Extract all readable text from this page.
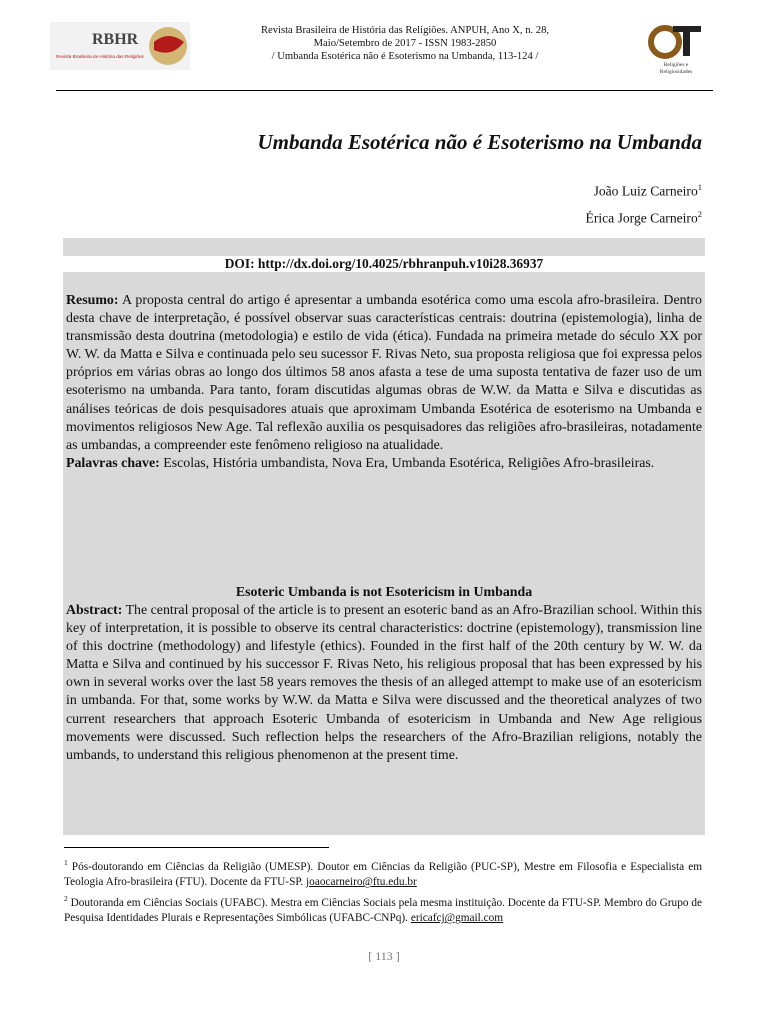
RBHR
Revista Brasileira de História das Religiões
Revista Brasileira de História das Religiões. ANPUH, Ano X, n. 28,
Maio/Setembro de 2017 - ISSN 1983-2850
/ Umbanda Esotérica não é Esoterismo na Umbanda, 113-124 /
Religiões e
Religiosidades
Umbanda Esotérica não é Esoterismo na Umbanda
João Luiz Carneiro$^1$
Érica Jorge Carneiro$^2$
DOI: http://dx.doi.org/10.4025/rbhranpuh.v10i28.36937
Resumo: A proposta central do artigo é apresentar a umbanda esotérica como uma escola afro-brasileira. Dentro desta chave de interpretação, é possível observar suas características centrais: doutrina (epistemologia), linha de transmissão desta doutrina (metodologia) e estilo de vida (ética). Fundada na primeira metade do século XX por W. W. da Matta e Silva e continuada pelo seu sucessor F. Rivas Neto, sua proposta religiosa que foi expressa pelos próprios em várias obras ao longo dos últimos 58 anos afasta a tese de uma suposta tentativa de fazer uso de um esoterismo na umbanda. Para tanto, foram discutidas algumas obras de W.W. da Matta e Silva e discutidas as análises teóricas de dois pesquisadores atuais que aproximam Umbanda Esotérica de esoterismo na Umbanda e movimentos religiosos New Age. Tal reflexão auxilia os pesquisadores das religiões afro-brasileiras, notadamente as umbandas, a compreender este fenômeno religioso na atualidade.
Palavras chave: Escolas, História umbandista, Nova Era, Umbanda Esotérica, Religiões Afro-brasileiras.
Esoteric Umbanda is not Esotericism in Umbanda
Abstract: The central proposal of the article is to present an esoteric band as an Afro-Brazilian school. Within this key of interpretation, it is possible to observe its central characteristics: doctrine (epistemology), transmission line of this doctrine (methodology) and lifestyle (ethics). Founded in the first half of the 20th century by W. W. da Matta e Silva and continued by his successor F. Rivas Neto, his religious proposal that has been expressed by his own in several works over the last 58 years removes the thesis of an alleged attempt to make use of an esotericism in umbanda. For that, some works by W.W. da Matta e Silva were discussed and the theoretical analyzes of two current researchers that approach Esoteric Umbanda of esotericism in Umbanda and New Age religious movements were discussed. Such reflection helps the researchers of the Afro-Brazilian religions, notably the umbands, to understand this religious phenomenon at the present time.

$^1$ Pós-doutorando em Ciências da Religião (UMESP). Doutor em Ciências da Religião (PUC-SP), Mestre em Filosofia e Especialista em Teologia Afro-brasileira (FTU). Docente da FTU-SP. joaocarneiro@ftu.edu.br

$^2$ Doutoranda em Ciências Sociais (UFABC). Mestra em Ciências Sociais pela mesma instituição. Docente da FTU-SP. Membro do Grupo de Pesquisa Identidades Plurais e Representações Simbólicas (UFABC-CNPq). ericafcj@gmail.com

[ 113 ]
